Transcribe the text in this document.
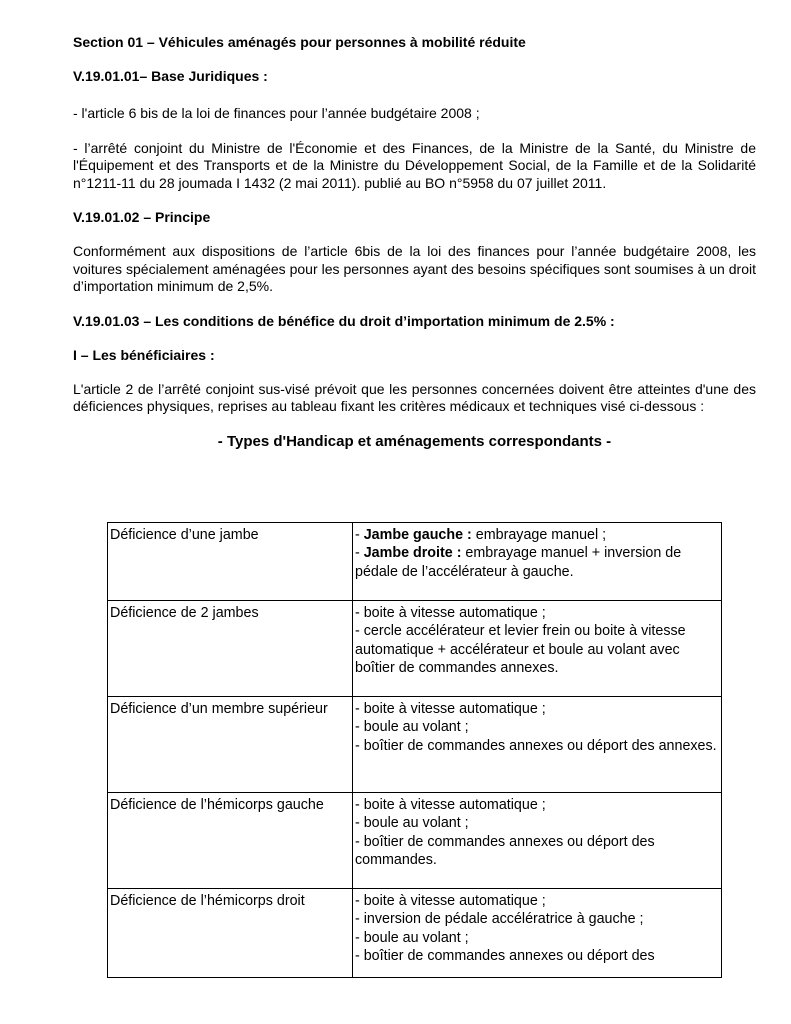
Section 01 – Véhicules aménagés pour personnes à mobilité réduite

V.19.01.01– Base Juridiques :

- l'article 6 bis de la loi de finances pour l’année budgétaire 2008 ;

- l’arrêté conjoint du Ministre de l'Économie et des Finances, de la Ministre de la Santé, du Ministre de l'Équipement et des Transports et de la Ministre du Développement Social, de la Famille et de la Solidarité n°1211-11 du 28 joumada I 1432 (2 mai 2011). publié au BO n°5958 du 07 juillet 2011.

V.19.01.02 – Principe

Conformément aux dispositions de l’article 6bis de la loi des finances pour l’année budgétaire 2008, les voitures spécialement aménagées pour les personnes ayant des besoins spécifiques sont soumises à un droit d’importation minimum de 2,5%.

V.19.01.03 – Les conditions de bénéfice du droit d’importation minimum de 2.5% :

I – Les bénéficiaires :

L'article 2 de l’arrêté conjoint sus-visé prévoit que les personnes concernées doivent être atteintes d'une des déficiences physiques, reprises au tableau fixant les critères médicaux et techniques visé ci-dessous :

- Types d'Handicap et aménagements correspondants -

Déficience d’une jambe	- Jambe gauche : embrayage manuel ;
- Jambe droite : embrayage manuel + inversion de pédale de l’accélérateur à gauche.
Déficience de 2 jambes	- boite à vitesse automatique ;
- cercle accélérateur et levier frein ou boite à vitesse automatique + accélérateur et boule au volant avec boîtier de commandes annexes.

Déficience d’un membre supérieur	- boite à vitesse automatique ;
- boule au volant ;
- boîtier de commandes annexes ou déport des annexes.

Déficience de l’hémicorps gauche	- boite à vitesse automatique ;
- boule au volant ;
- boîtier de commandes annexes ou déport des commandes.

Déficience de l’hémicorps droit	- boite à vitesse automatique ;
- inversion de pédale accélératrice à gauche ;
- boule au volant ;
- boîtier de commandes annexes ou déport des
